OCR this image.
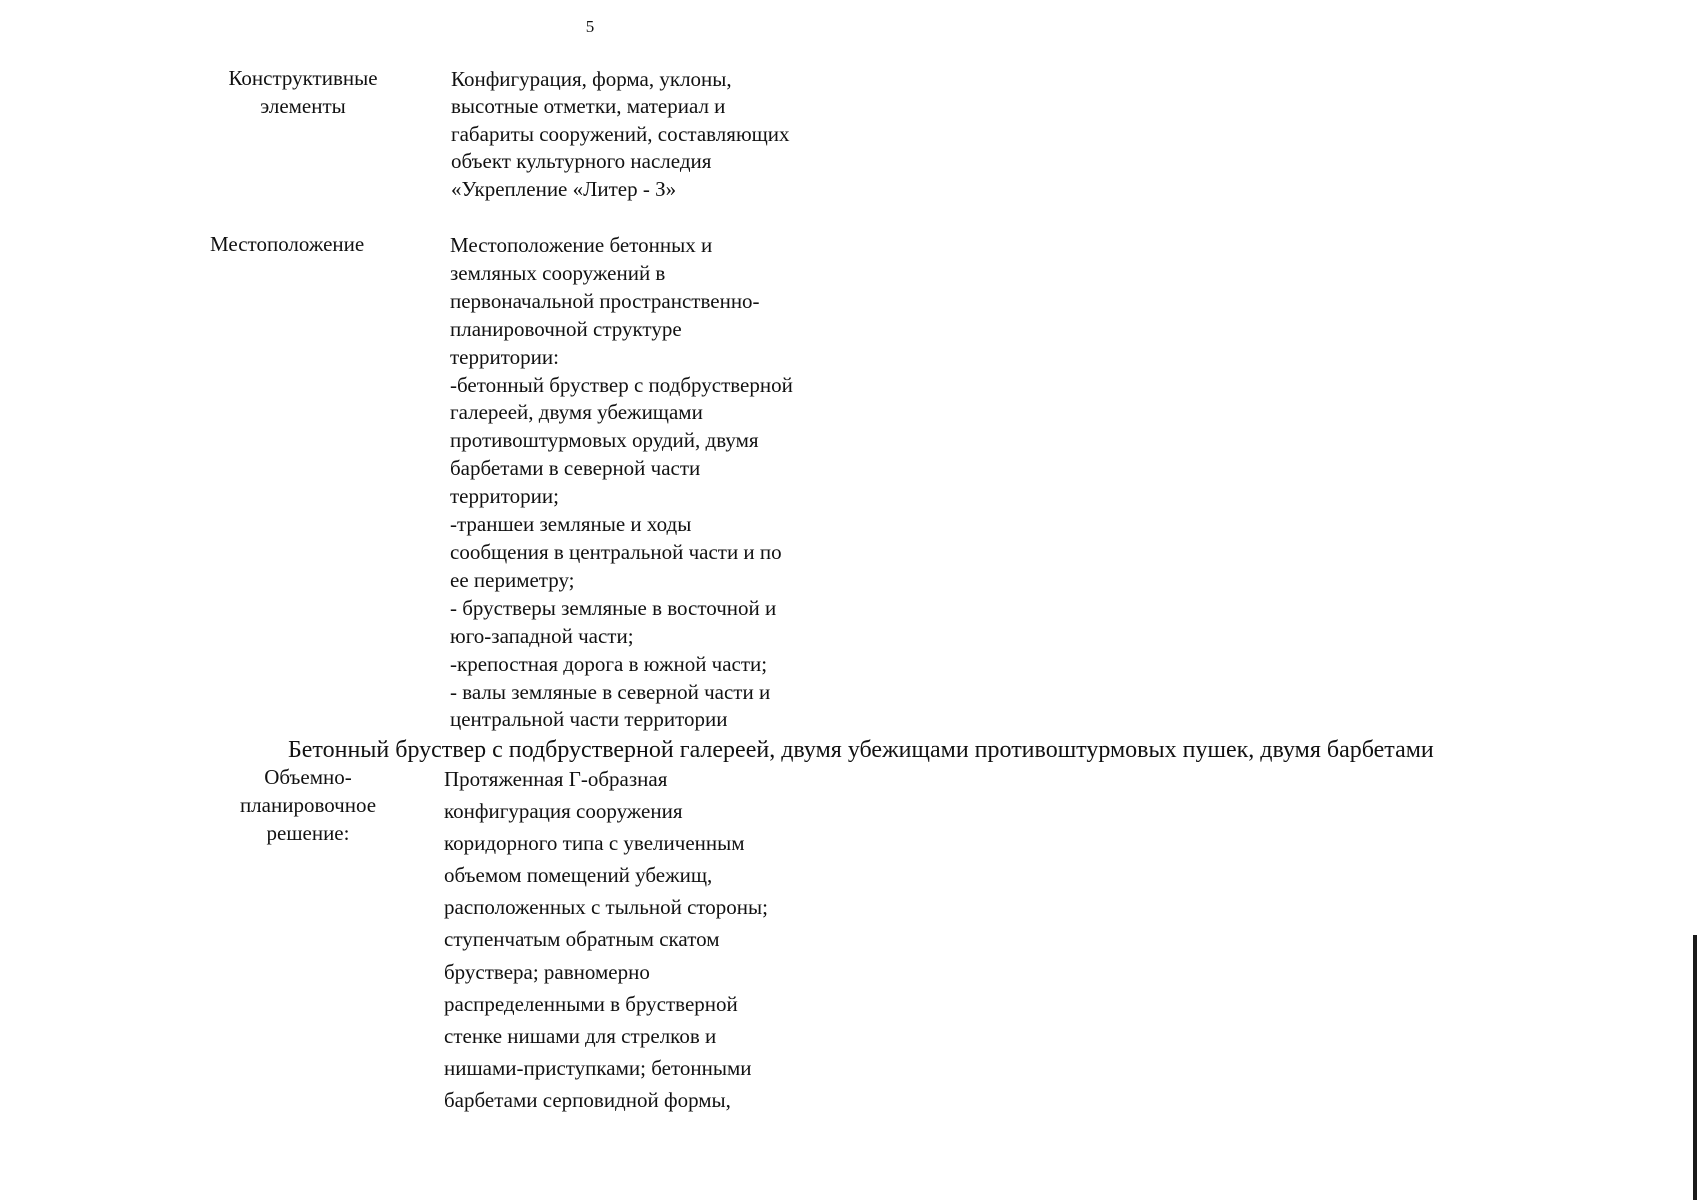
5
Конструктивные
элементы
Конфигурация, форма, уклоны,
высотные отметки, материал и
габариты сооружений, составляющих
объект культурного наследия
«Укрепление «Литер - З»
Местоположение	Местоположение бетонных и
земляных сооружений в
первоначальной пространственно-
планировочной структуре
территории:
-бетонный бруствер с подбрустверной
галереей, двумя убежищами
противоштурмовых орудий, двумя
барбетами в северной части
территории;
-траншеи земляные и ходы
сообщения в центральной части и по
ее периметру;
- брустверы земляные в восточной и
юго-западной части;
-крепостная дорога в южной части;
- валы земляные в северной части и
центральной части территории
Бетонный бруствер с подбрустверной галереей, двумя убежищами противоштурмовых пушек, двумя барбетами
Объемно-
планировочное
решение:
Протяженная Г-образная
конфигурация сооружения
коридорного типа с увеличенным
объемом помещений убежищ,
расположенных с тыльной стороны;
ступенчатым обратным скатом
бруствера; равномерно
распределенными в брустверной
стенке нишами для стрелков и
нишами-приступками; бетонными
барбетами серповидной формы,
